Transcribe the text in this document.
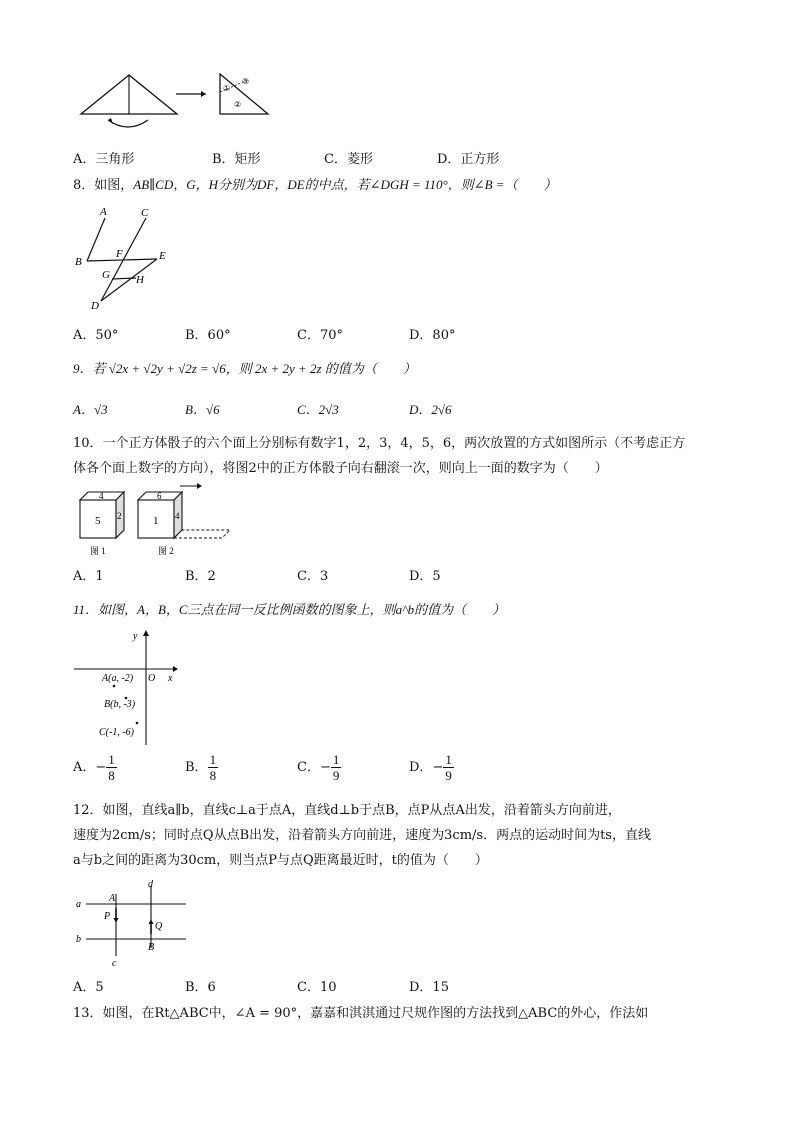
①
②
⑤
A．三角形	B．矩形	C．菱形	D．正方形
8．如图，AB∥CD，G，H分别为DF，DE的中点，若∠DGH = 110°，则∠B =（　　）
A	C
B
F	E
G H
D
A．50°	B．60°	C．70°	D．80°
9．若 √2x + √2y + √2z = √6，则 2x + 2y + 2z 的值为（　　）
A．√3	B．√6	C．2√3	D．2√6
10．一个正方体骰子的六个面上分别标有数字1，2，3，4，5，6，两次放置的方式如图所示（不考虑正方
体各个面上数字的方向），将图2中的正方体骰子向右翻滚一次，则向上一面的数字为（　　）
4
5 2
图 1
6
1 4
图 2
A．1	B．2	C．3	D．5
11．如图，A，B，C三点在同一反比例函数的图象上，则a^b的值为（　　）
y
x
O
A(a, -2)
B(b, -3)
C(-1, -6)
A．− $\frac{1}{8}$	B． $\frac{1}{8}$	C．− $\frac{1}{9}$	D．− $\frac{1}{9}$
12．如图，直线a∥b，直线c⊥a于点A，直线d⊥b于点B，点P从点A出发，沿着箭头方向前进，
速度为2cm/s；同时点Q从点B出发，沿着箭头方向前进，速度为3cm/s．两点的运动时间为ts，直线
a与b之间的距离为30cm，则当点P与点Q距离最近时，t的值为（　　）
a
b
c
d
A
B
P
Q
A．5	B．6	C．10	D．15
13．如图，在Rt△ABC中，∠A = 90°，嘉嘉和淇淇通过尺规作图的方法找到△ABC的外心，作法如
